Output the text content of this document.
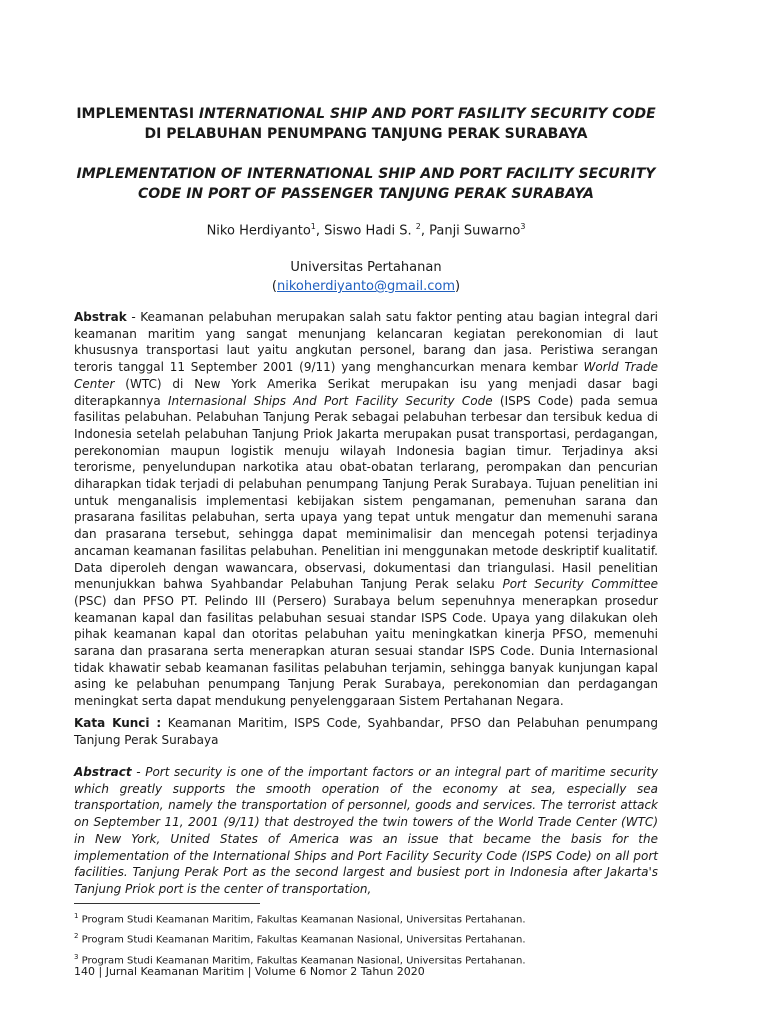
IMPLEMENTASI INTERNATIONAL SHIP AND PORT FASILITY SECURITY CODE
DI PELABUHAN PENUMPANG TANJUNG PERAK SURABAYA
IMPLEMENTATION OF INTERNATIONAL SHIP AND PORT FACILITY SECURITY
CODE IN PORT OF PASSENGER TANJUNG PERAK SURABAYA
Niko Herdiyanto$^1$, Siswo Hadi S. $^2$, Panji Suwarno$^3$
Universitas Pertahanan
(nikoherdiyanto@gmail.com)

Abstrak - Keamanan pelabuhan merupakan salah satu faktor penting atau bagian integral dari keamanan maritim yang sangat menunjang kelancaran kegiatan perekonomian di laut khususnya transportasi laut yaitu angkutan personel, barang dan jasa. Peristiwa serangan teroris tanggal 11 September 2001 (9/11) yang menghancurkan menara kembar World Trade Center (WTC) di New York Amerika Serikat merupakan isu yang menjadi dasar bagi diterapkannya Internasional Ships And Port Facility Security Code (ISPS Code) pada semua fasilitas pelabuhan. Pelabuhan Tanjung Perak sebagai pelabuhan terbesar dan tersibuk kedua di Indonesia setelah pelabuhan Tanjung Priok Jakarta merupakan pusat transportasi, perdagangan, perekonomian maupun logistik menuju wilayah Indonesia bagian timur. Terjadinya aksi terorisme, penyelundupan narkotika atau obat-obatan terlarang, perompakan dan pencurian diharapkan tidak terjadi di pelabuhan penumpang Tanjung Perak Surabaya. Tujuan penelitian ini untuk menganalisis implementasi kebijakan sistem pengamanan, pemenuhan sarana dan prasarana fasilitas pelabuhan, serta upaya yang tepat untuk mengatur dan memenuhi sarana dan prasarana tersebut, sehingga dapat meminimalisir dan mencegah potensi terjadinya ancaman keamanan fasilitas pelabuhan. Penelitian ini menggunakan metode deskriptif kualitatif. Data diperoleh dengan wawancara, observasi, dokumentasi dan triangulasi. Hasil penelitian menunjukkan bahwa Syahbandar Pelabuhan Tanjung Perak selaku Port Security Committee (PSC) dan PFSO PT. Pelindo III (Persero) Surabaya belum sepenuhnya menerapkan prosedur keamanan kapal dan fasilitas pelabuhan sesuai standar ISPS Code. Upaya yang dilakukan oleh pihak keamanan kapal dan otoritas pelabuhan yaitu meningkatkan kinerja PFSO, memenuhi sarana dan prasarana serta menerapkan aturan sesuai standar ISPS Code. Dunia Internasional tidak khawatir sebab keamanan fasilitas pelabuhan terjamin, sehingga banyak kunjungan kapal asing ke pelabuhan penumpang Tanjung Perak Surabaya, perekonomian dan perdagangan meningkat serta dapat mendukung penyelenggaraan Sistem Pertahanan Negara.

Kata Kunci : Keamanan Maritim, ISPS Code, Syahbandar, PFSO dan Pelabuhan penumpang Tanjung Perak Surabaya

Abstract - Port security is one of the important factors or an integral part of maritime security which greatly supports the smooth operation of the economy at sea, especially sea transportation, namely the transportation of personnel, goods and services. The terrorist attack on September 11, 2001 (9/11) that destroyed the twin towers of the World Trade Center (WTC) in New York, United States of America was an issue that became the basis for the implementation of the International Ships and Port Facility Security Code (ISPS Code) on all port facilities. Tanjung Perak Port as the second largest and busiest port in Indonesia after Jakarta's Tanjung Priok port is the center of transportation,

$^1$ Program Studi Keamanan Maritim, Fakultas Keamanan Nasional, Universitas Pertahanan.
$^2$ Program Studi Keamanan Maritim, Fakultas Keamanan Nasional, Universitas Pertahanan.
$^3$ Program Studi Keamanan Maritim, Fakultas Keamanan Nasional, Universitas Pertahanan.
140 | Jurnal Keamanan Maritim | Volume 6 Nomor 2 Tahun 2020
